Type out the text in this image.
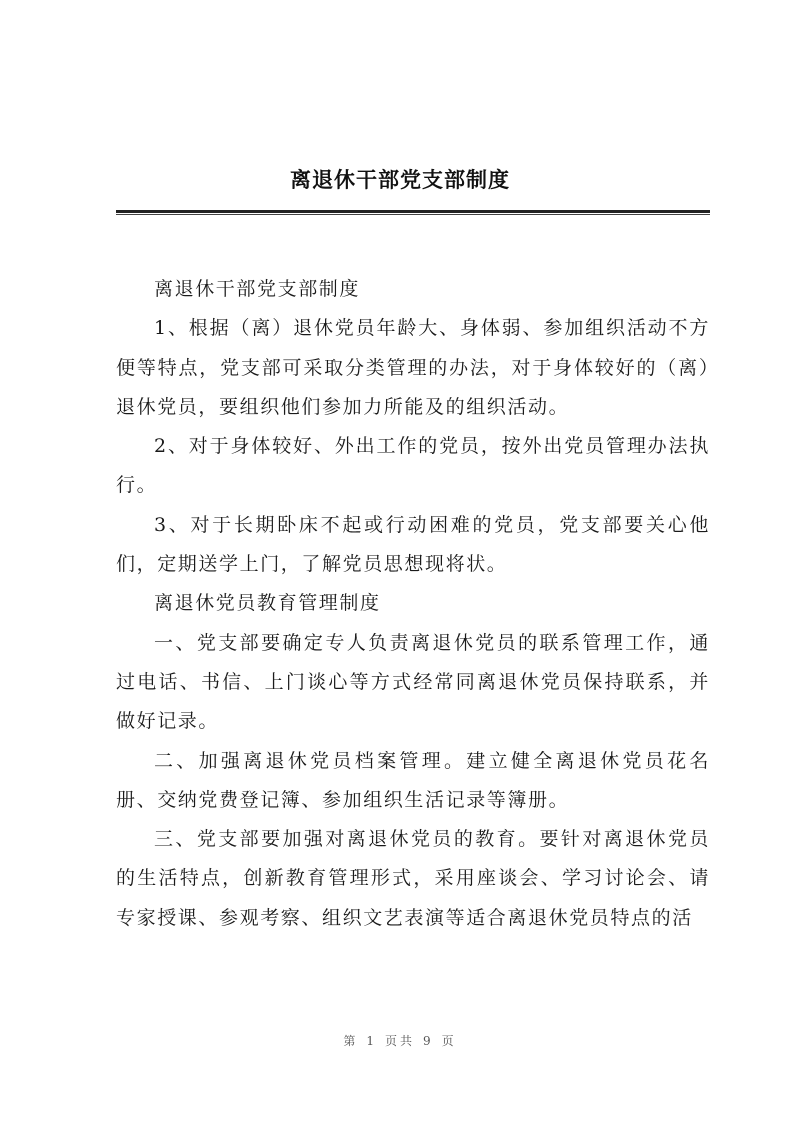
离退休干部党支部制度

离退休干部党支部制度

1、根据（离）退休党员年龄大、身体弱、参加组织活动不方便等特点，党支部可采取分类管理的办法，对于身体较好的（离）退休党员，要组织他们参加力所能及的组织活动。

2、对于身体较好、外出工作的党员，按外出党员管理办法执行。

3、对于长期卧床不起或行动困难的党员，党支部要关心他们，定期送学上门，了解党员思想现将状。

离退休党员教育管理制度

一、党支部要确定专人负责离退休党员的联系管理工作，通过电话、书信、上门谈心等方式经常同离退休党员保持联系，并做好记录。

二、加强离退休党员档案管理。建立健全离退休党员花名册、交纳党费登记簿、参加组织生活记录等簿册。

三、党支部要加强对离退休党员的教育。要针对离退休党员的生活特点，创新教育管理形式，采用座谈会、学习讨论会、请专家授课、参观考察、组织文艺表演等适合离退休党员特点的活

第 1 页共 9 页
